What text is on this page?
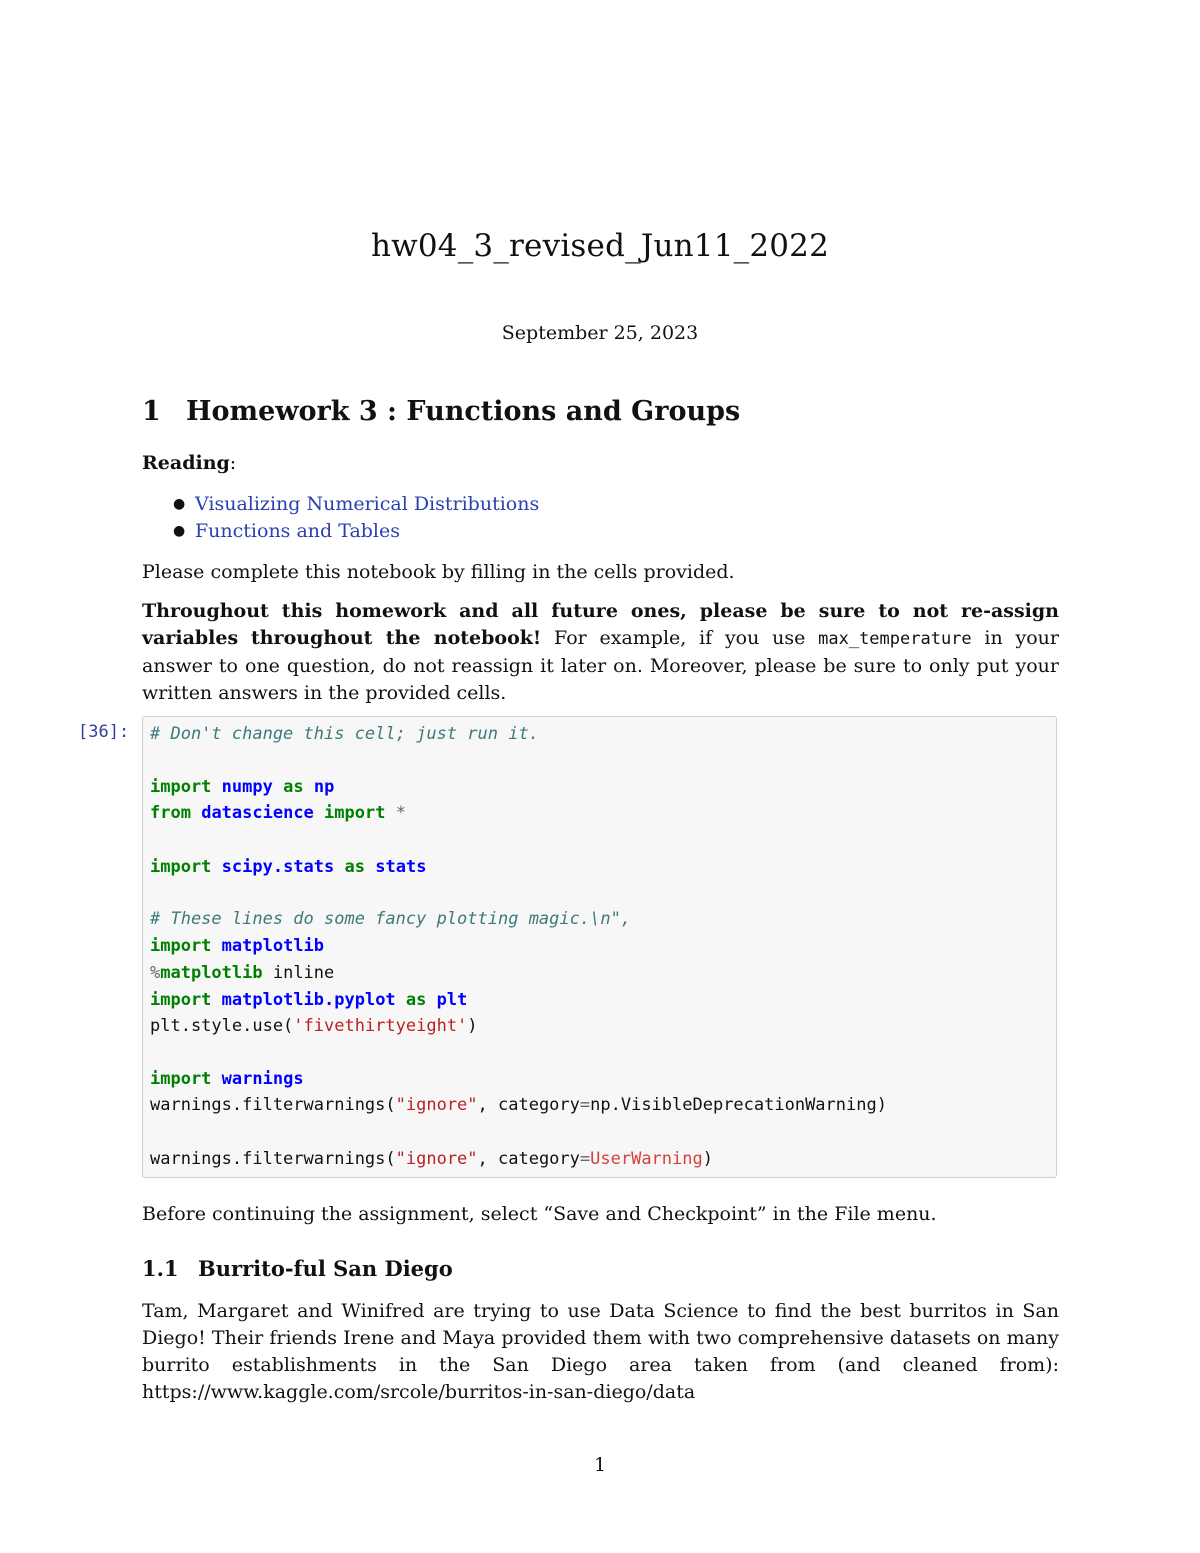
hw04_3_revised_Jun11_2022
September 25, 2023
1 Homework 3 : Functions and Groups
Reading:
● Visualizing Numerical Distributions
● Functions and Tables
Please complete this notebook by filling in the cells provided.
Throughout this homework and all future ones, please be sure to not re-assign variables throughout the notebook! For example, if you use max_temperature in your answer to one question, do not reassign it later on. Moreover, please be sure to only put your written answers in the provided cells.
[36]: # Don't change this cell; just run it.
import numpy as np
from datascience import *
import scipy.stats as stats
# These lines do some fancy plotting magic.\n",
import matplotlib
%matplotlib inline
import matplotlib.pyplot as plt
plt.style.use('fivethirtyeight')
import warnings
warnings.filterwarnings("ignore", category=np.VisibleDeprecationWarning)
warnings.filterwarnings("ignore", category=UserWarning)
Before continuing the assignment, select “Save and Checkpoint” in the File menu.
1.1 Burrito-ful San Diego
Tam, Margaret and Winifred are trying to use Data Science to find the best burritos in San Diego! Their friends Irene and Maya provided them with two comprehensive datasets on many burrito establishments in the San Diego area taken from (and cleaned from): https://www.kaggle.com/srcole/burritos-in-san-diego/data
1
